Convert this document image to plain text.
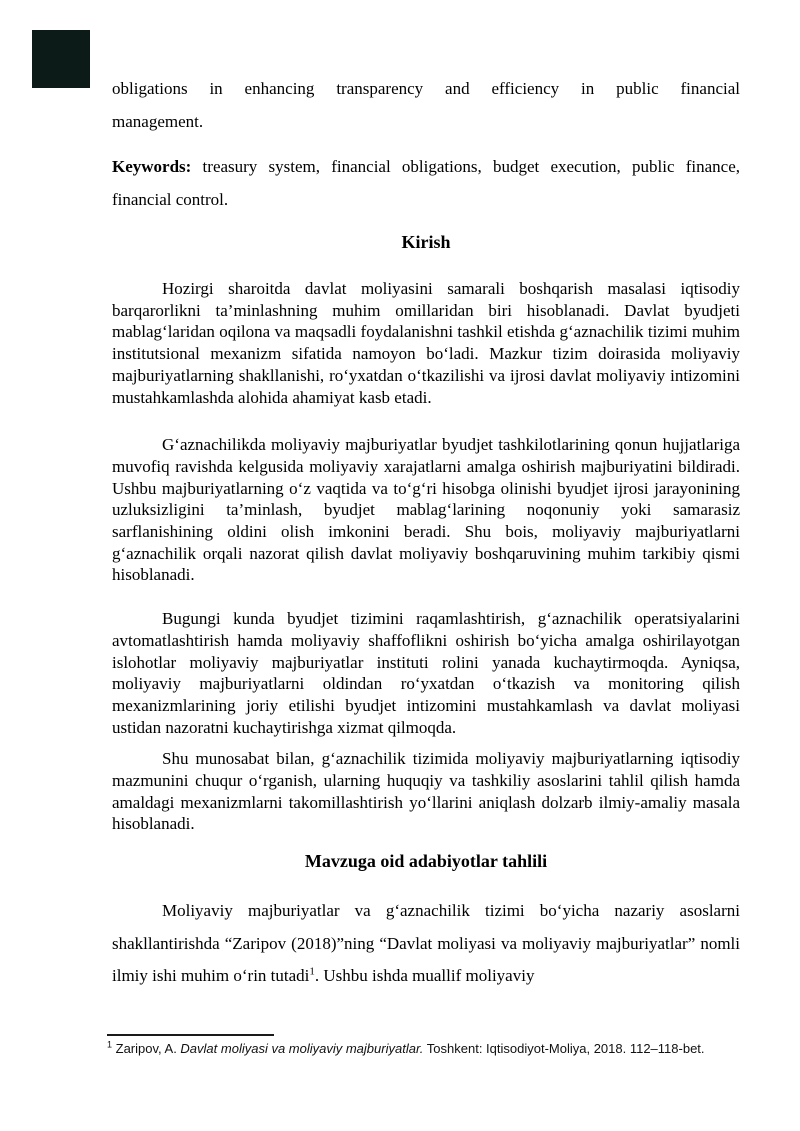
obligations in enhancing transparency and efficiency in public financial
management.
Keywords: treasury system, financial obligations, budget execution, public finance, financial control.
Kirish

Hozirgi sharoitda davlat moliyasini samarali boshqarish masalasi iqtisodiy barqarorlikni ta’minlashning muhim omillaridan biri hisoblanadi. Davlat byudjeti mablagʻlaridan oqilona va maqsadli foydalanishni tashkil etishda gʻaznachilik tizimi muhim institutsional mexanizm sifatida namoyon boʻladi. Mazkur tizim doirasida moliyaviy majburiyatlarning shakllanishi, roʻyxatdan oʻtkazilishi va ijrosi davlat moliyaviy intizomini mustahkamlashda alohida ahamiyat kasb etadi.

Gʻaznachilikda moliyaviy majburiyatlar byudjet tashkilotlarining qonun hujjatlariga muvofiq ravishda kelgusida moliyaviy xarajatlarni amalga oshirish majburiyatini bildiradi. Ushbu majburiyatlarning oʻz vaqtida va toʻgʻri hisobga olinishi byudjet ijrosi jarayonining uzluksizligini ta’minlash, byudjet mablagʻlarining noqonuniy yoki samarasiz sarflanishining oldini olish imkonini beradi. Shu bois, moliyaviy majburiyatlarni gʻaznachilik orqali nazorat qilish davlat moliyaviy boshqaruvining muhim tarkibiy qismi hisoblanadi.

Bugungi kunda byudjet tizimini raqamlashtirish, gʻaznachilik operatsiyalarini avtomatlashtirish hamda moliyaviy shaffoflikni oshirish boʻyicha amalga oshirilayotgan islohotlar moliyaviy majburiyatlar instituti rolini yanada kuchaytirmoqda. Ayniqsa, moliyaviy majburiyatlarni oldindan roʻyxatdan oʻtkazish va monitoring qilish mexanizmlarining joriy etilishi byudjet intizomini mustahkamlash va davlat moliyasi ustidan nazoratni kuchaytirishga xizmat qilmoqda.

Shu munosabat bilan, gʻaznachilik tizimida moliyaviy majburiyatlarning iqtisodiy mazmunini chuqur oʻrganish, ularning huquqiy va tashkiliy asoslarini tahlil qilish hamda amaldagi mexanizmlarni takomillashtirish yoʻllarini aniqlash dolzarb ilmiy-amaliy masala hisoblanadi.

Mavzuga oid adabiyotlar tahlili

Moliyaviy majburiyatlar va gʻaznachilik tizimi boʻyicha nazariy asoslarni shakllantirishda “Zaripov (2018)”ning “Davlat moliyasi va moliyaviy majburiyatlar” nomli ilmiy ishi muhim oʻrin tutadi$^1$. Ushbu ishda muallif moliyaviy

$^1$ Zaripov, A. Davlat moliyasi va moliyaviy majburiyatlar. Toshkent: Iqtisodiyot-Moliya, 2018. 112–118-bet.
